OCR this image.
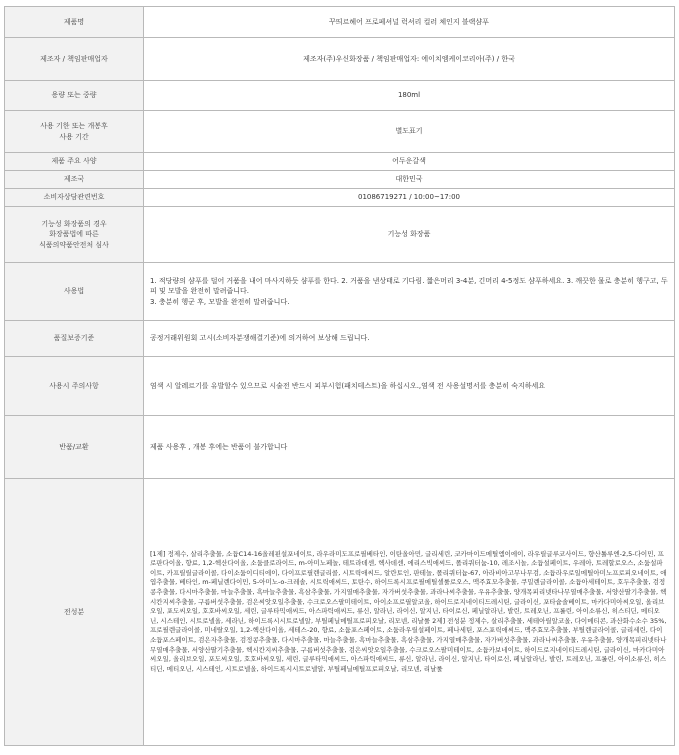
제품명	꾸띄르헤어 프로페셔널 럭셔리 컬러 체인지 블랙샴푸
제조자 / 책임판매업자	제조자(주)우신화장품 / 책임판매업자: 에이치엠케이코리아(주) / 한국
용량 또는 중량	180ml
사용 기한 또는 개봉후
사용 기간	별도표기
제품 주요 사양	어두운갈색
제조국	대한민국
소비자상담관련번호	01086719271 / 10:00~17:00
기능성 화장품의 경우
화장품법에 따른
식품의약품안전처 심사	기능성 화장품
사용법	1. 적당량의 샴푸를 덜어 거품을 내어 마사지하듯 샴푸를 한다. 2. 거품을 낸상태로 기다림. 짧은머리 3-4분, 긴머리 4-5정도 샴푸하세요. 3. 깨끗한 물로 충분히 헹구고, 두피 및 모발을 완전히 말려줍니다.
3. 충분히 헹군 후, 모발을 완전히 말려줍니다.
품질보증기준	공정거래위원회 고시(소비자분쟁해결기준)에 의거하여 보상해 드립니다.
사용시 주의사항	염색 시 알레르기를 유발할수 있으므로 시술전 반드시 피부시험(패치테스트)을 하십시오.,염색 전 사용설명서를 충분히 숙지하세요
반품/교환	제품 사용후 , 개봉 후에는 반품이 불가합니다
전성분	[1제] 정제수, 살리추출물, 소듐C14-16올레핀설포네이트, 라우라미도프로필베타인, 이탄올아민, 글리세린, 코카마이드메틸엠이에이, 라우릴글루코사이드, 향산톨루엔-2,5-다이민, 프로판다이올, 향료, 1,2-헥산다이올, 소듐클로라이드, m-아미노페놀, 테트라데센, 헥사데센, 에리스빅애씨드, 폴리쿼터늄-10, 레조시놀, 소듐설페이트, 우레아, 트레할로오스, 소듐설파이트, 카프릴릴글라이콜, 다이소듐이디티에이, 다이프로필렌글리콜, 시트릭애씨드, 알란토인, 판테놀, 폴리쿼터늄-67, 아라비아고무나무검, 소듐라우로일메틸아미노프로피오네이트, 애엽추출물, 베타인, m-페닐렌다이민, 5-아미노-o-크레솔, 시트릭애씨드, 토탄수, 하이드록시프로필메틸셀룰로오스, 맥주효모추출물, 쿠밀렌글라이콜, 소듐아세테이트, 호두추출물, 검정콩추출물, 다시마추출물, 마늘추출물, 흑마늘추출물, 흑삼추출물, 가지열매추출물, 자가버섯추출물, 과라나씨추출물, 우유추출물, 양개목피리넷타나무열매추출물, 서양산딸기추출물, 헥시칸지씨추출물, 구름버섯추출물, 검은씨앗오일추출물, 수크로오스팔미테이트, 아이소프로필알코올, 하이드로지네이티드레시틴, 글라이신, 포타슘솔베이트, 마카다미아씨오일, 올리브오일, 포도씨오일, 호호바씨오일, 세린, 글루타믹애씨드, 아스파틱애씨드, 류신, 알라닌, 라이신, 알지닌, 타이로신, 페닐알라닌, 발린, 트레오닌, 프롤린, 아이소류신, 히스티딘, 메티오닌, 시스테인, 시트로넬올, 세라닌, 하이드록시시트로넬알, 부틸페닐메틸프로피오날, 리모넨, 리날룰 2제] 전성분 정제수, 살리추출물, 세테아릴알코올, 다이메티콘, 과산화수소수 35%, 프로필렌글라이콜, 미네랄오일, 1,2-헥산다이올, 세테스-20, 향료, 소듐포스페이트, 소듐라우릴설페이트, 페나세틴, 포스포릭애씨드, 맥주효모추출물, 부틸렌글라이콜, 글리세린, 다이소듐포스페이트, 검은자추출물, 검정콩추출물, 다시마추출물, 마늘추출물, 흑마늘추출물, 흑삼추출물, 가지열매추출물, 자가버섯추출물, 과라나씨추출물, 우유추출물, 양개목피리넷타나무열매추출물, 서양산딸기추출물, 헥시칸지씨추출물, 구름버섯추출물, 검은씨앗오일추출물, 수크로오스팔미테이트, 소듐카보네이트, 하이드로지네이티드레시틴, 글라이신, 마카다미아씨오일, 올리브오일, 포도씨오일, 호호바씨오일, 세린, 글루타믹애씨드, 아스파틱애씨드, 류신, 알라닌, 라이신, 알지닌, 타이로신, 페닐알라닌, 발린, 트레오닌, 프롤린, 아이소류신, 히스티딘, 메티오닌, 시스테인, 시트로넬올, 하이드록시시트로넬알, 부틸페닐메틸프로피오날, 리모넨, 리날룰
